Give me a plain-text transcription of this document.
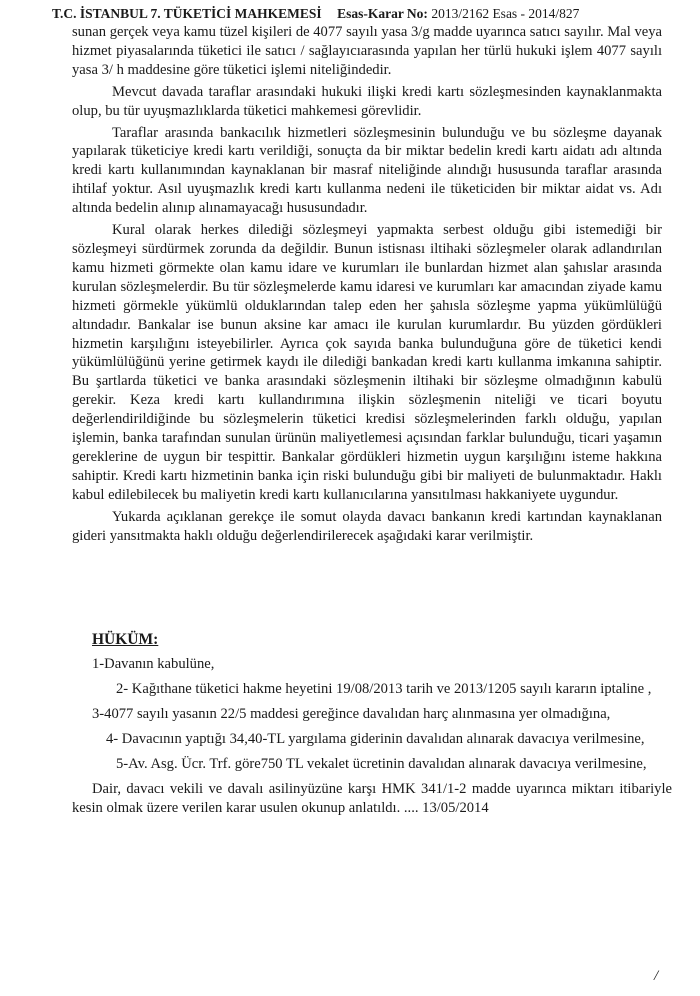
T.C. İSTANBUL 7. TÜKETİCİ MAHKEMESİ Esas-Karar No: 2013/2162 Esas - 2014/827

sunan gerçek veya kamu tüzel kişileri de 4077 sayılı yasa 3/g madde uyarınca satıcı sayılır. Mal veya hizmet piyasalarında tüketici ile satıcı / sağlayıcıarasında yapılan her türlü hukuki işlem 4077 sayılı yasa 3/ h maddesine göre tüketici işlemi niteliğindedir.

Mevcut davada taraflar arasındaki hukuki ilişki kredi kartı sözleşmesinden kaynaklanmakta olup, bu tür uyuşmazlıklarda tüketici mahkemesi görevlidir.

Taraflar arasında bankacılık hizmetleri sözleşmesinin bulunduğu ve bu sözleşme dayanak yapılarak tüketiciye kredi kartı verildiği, sonuçta da bir miktar bedelin kredi kartı aidatı adı altında kredi kartı kullanımından kaynaklanan bir masraf niteliğinde alındığı hususunda taraflar arasında ihtilaf yoktur. Asıl uyuşmazlık kredi kartı kullanma nedeni ile tüketiciden bir miktar aidat vs. Adı altında bedelin alınıp alınamayacağı hususundadır.

Kural olarak herkes dilediği sözleşmeyi yapmakta serbest olduğu gibi istemediği bir sözleşmeyi sürdürmek zorunda da değildir. Bunun istisnası iltihaki sözleşmeler olarak adlandırılan kamu hizmeti görmekte olan kamu idare ve kurumları ile bunlardan hizmet alan şahıslar arasında kurulan sözleşmelerdir. Bu tür sözleşmelerde kamu idaresi ve kurumları kar amacından ziyade kamu hizmeti görmekle yükümlü olduklarından talep eden her şahısla sözleşme yapma yükümlülüğü altındadır. Bankalar ise bunun aksine kar amacı ile kurulan kurumlardır. Bu yüzden gördükleri hizmetin karşılığını isteyebilirler. Ayrıca çok sayıda banka bulunduğuna göre de tüketici kendi yükümlülüğünü yerine getirmek kaydı ile dilediği bankadan kredi kartı kullanma imkanına sahiptir. Bu şartlarda tüketici ve banka arasındaki sözleşmenin iltihaki bir sözleşme olmadığının kabulü gerekir. Keza kredi kartı kullandırımına ilişkin sözleşmenin niteliği ve ticari boyutu değerlendirildiğinde bu sözleşmelerin tüketici kredisi sözleşmelerinden farklı olduğu, yapılan işlemin, banka tarafından sunulan ürünün maliyetlemesi açısından farklar bulunduğu, ticari yaşamın gereklerine de uygun bir tespittir. Bankalar gördükleri hizmetin uygun karşılığını isteme hakkına sahiptir. Kredi kartı hizmetinin banka için riski bulunduğu gibi bir maliyeti de bulunmaktadır. Haklı kabul edilebilecek bu maliyetin kredi kartı kullanıcılarına yansıtılması hakkaniyete uygundur.

Yukarda açıklanan gerekçe ile somut olayda davacı bankanın kredi kartından kaynaklanan gideri yansıtmakta haklı olduğu değerlendirilerecek aşağıdaki karar verilmiştir.

HÜKÜM:

1-Davanın kabulüne,

2- Kağıthane tüketici hakme heyetini 19/08/2013 tarih ve 2013/1205 sayılı kararın iptaline ,

3-4077 sayılı yasanın 22/5 maddesi gereğince davalıdan harç alınmasına yer olmadığına,

4- Davacının yaptığı 34,40-TL yargılama giderinin davalıdan alınarak davacıya verilmesine,

5-Av. Asg. Ücr. Trf. göre750 TL vekalet ücretinin davalıdan alınarak davacıya verilmesine,

Dair, davacı vekili ve davalı asilinyüzüne karşı HMK 341/1-2 madde uyarınca miktarı itibariyle kesin olmak üzere verilen karar usulen okunup anlatıldı. .... 13/05/2014

/
